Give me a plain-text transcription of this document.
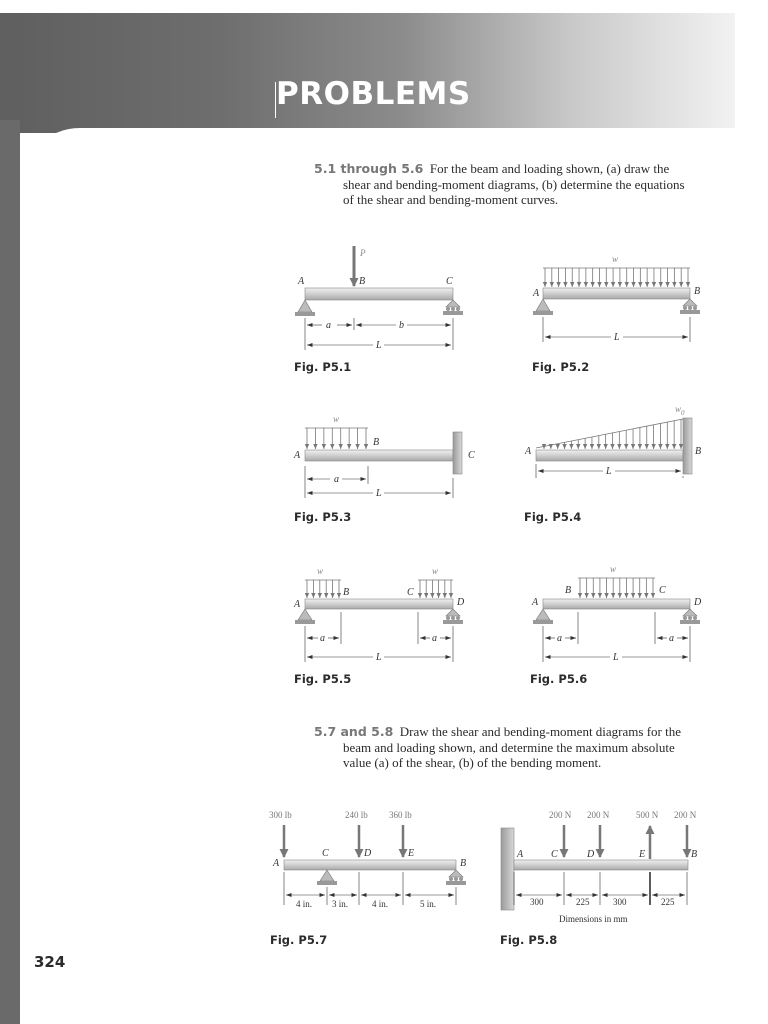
PROBLEMS
5.1 through 5.6 For the beam and loading shown, (a) draw the
shear and bending-moment diagrams, (b) determine the equations
of the shear and bending-moment curves.
5.7 and 5.8 Draw the shear and bending-moment diagrams for the
beam and loading shown, and determine the maximum absolute
value (a) of the shear, (b) of the bending moment.
Fig. P5.1	Fig. P5.2
Fig. P5.3	Fig. P5.4
Fig. P5.5	Fig. P5.6
Fig. P5.7	Fig. P5.8
324
P
A	B	C
a	b
L
w
A	B
L
w
A
B
C
a
L
$w_0$
A	B
L
w	w
A
B	C
D
a	a
L
w
A
B	C
D
a	a
L
300 lb	240 lb 360 lb
A
C	D	E
B
4 in. 3 in.	4 in.	5 in.
200 N 200 N	500 N 200 N
A	C	D	E	B
300	225	300	225
Dimensions in mm
